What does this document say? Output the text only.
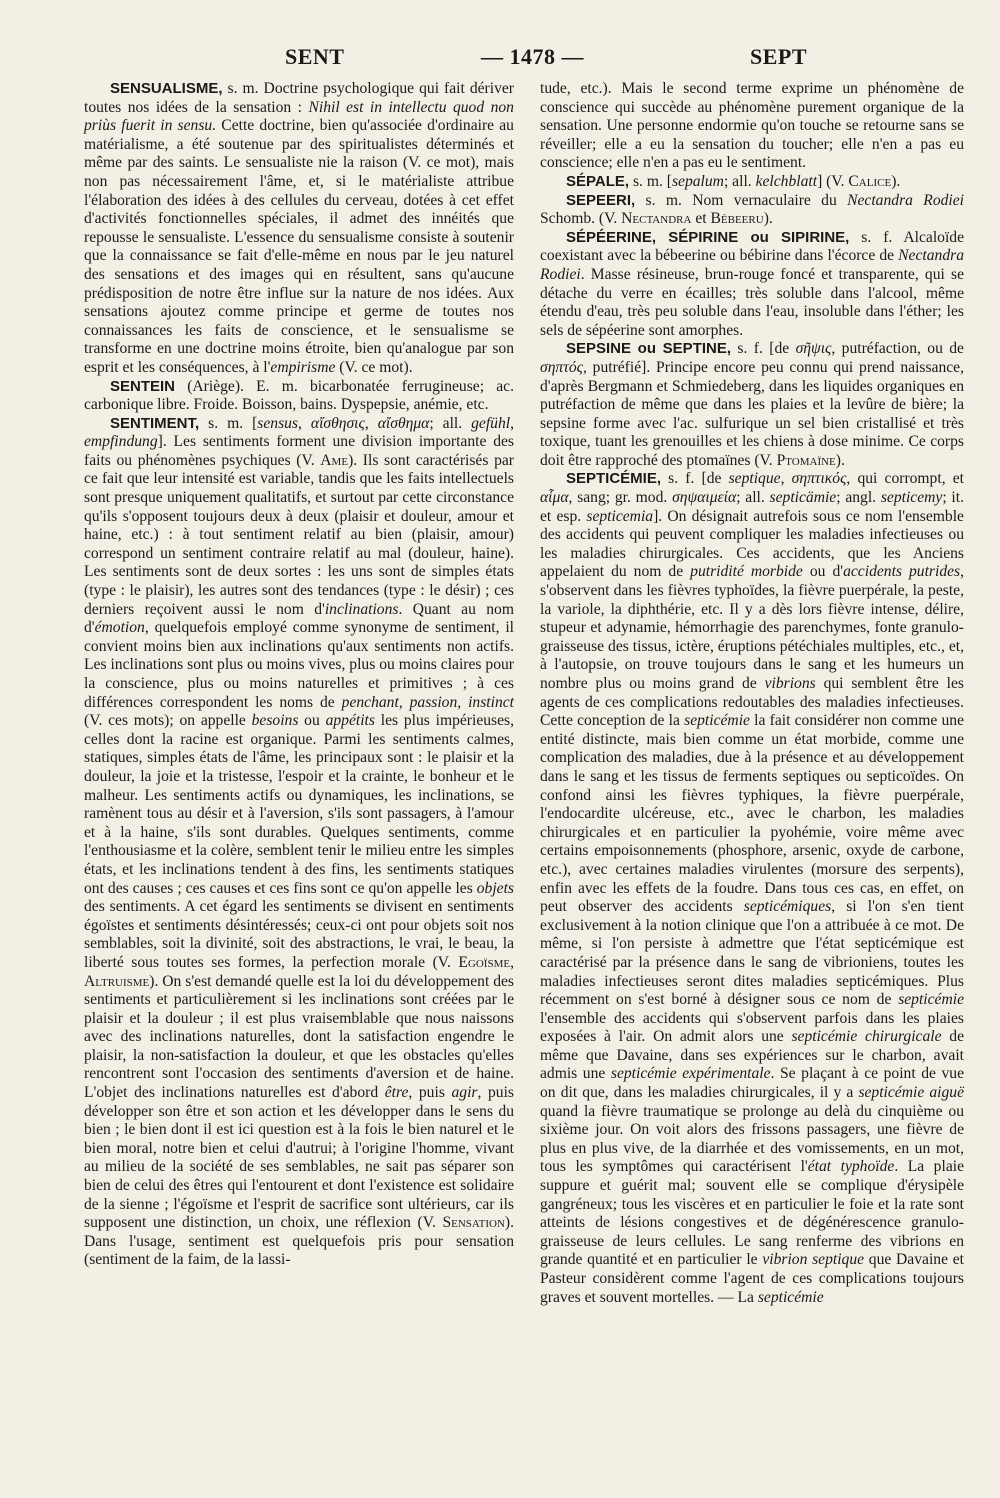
SENT	— 1478 —	SEPT

SENSUALISME, s. m. Doctrine psychologique qui fait dériver toutes nos idées de la sensation : Nihil est in intellectu quod non priùs fuerit in sensu. Cette doctrine, bien qu'associée d'ordinaire au matérialisme, a été soutenue par des spiritualistes déterminés et même par des saints. Le sensualiste nie la raison (V. ce mot), mais non pas nécessairement l'âme, et, si le matérialiste attribue l'élaboration des idées à des cellules du cerveau, dotées à cet effet d'activités fonctionnelles spéciales, il admet des innéités que repousse le sensualiste. L'essence du sensualisme consiste à soutenir que la connaissance se fait d'elle-même en nous par le jeu naturel des sensations et des images qui en résultent, sans qu'aucune prédisposition de notre être influe sur la nature de nos idées. Aux sensations ajoutez comme principe et germe de toutes nos connaissances les faits de conscience, et le sensualisme se transforme en une doctrine moins étroite, bien qu'analogue par son esprit et les conséquences, à l'empirisme (V. ce mot).

SENTEIN (Ariège). E. m. bicarbonatée ferrugineuse; ac. carbonique libre. Froide. Boisson, bains. Dyspepsie, anémie, etc.

SENTIMENT, s. m. [sensus, αἴσθησις, αἴσθημα; all. gefühl, empfindung]. Les sentiments forment une division importante des faits ou phénomènes psychiques (V. Ame). Ils sont caractérisés par ce fait que leur intensité est variable, tandis que les faits intellectuels sont presque uniquement qualitatifs, et surtout par cette circonstance qu'ils s'opposent toujours deux à deux (plaisir et douleur, amour et haine, etc.) : à tout sentiment relatif au bien (plaisir, amour) correspond un sentiment contraire relatif au mal (douleur, haine). Les sentiments sont de deux sortes : les uns sont de simples états (type : le plaisir), les autres sont des tendances (type : le désir) ; ces derniers reçoivent aussi le nom d'inclinations. Quant au nom d'émotion, quelquefois employé comme synonyme de sentiment, il convient moins bien aux inclinations qu'aux sentiments non actifs. Les inclinations sont plus ou moins vives, plus ou moins claires pour la conscience, plus ou moins naturelles et primitives ; à ces différences correspondent les noms de penchant, passion, instinct (V. ces mots); on appelle besoins ou appétits les plus impérieuses, celles dont la racine est organique. Parmi les sentiments calmes, statiques, simples états de l'âme, les principaux sont : le plaisir et la douleur, la joie et la tristesse, l'espoir et la crainte, le bonheur et le malheur. Les sentiments actifs ou dynamiques, les inclinations, se ramènent tous au désir et à l'aversion, s'ils sont passagers, à l'amour et à la haine, s'ils sont durables. Quelques sentiments, comme l'enthousiasme et la colère, semblent tenir le milieu entre les simples états, et les inclinations tendent à des fins, les sentiments statiques ont des causes ; ces causes et ces fins sont ce qu'on appelle les objets des sentiments. A cet égard les sentiments se divisent en sentiments égoïstes et sentiments désintéressés; ceux-ci ont pour objets soit nos semblables, soit la divinité, soit des abstractions, le vrai, le beau, la liberté sous toutes ses formes, la perfection morale (V. Egoïsme, Altruisme). On s'est demandé quelle est la loi du développement des sentiments et particulièrement si les inclinations sont créées par le plaisir et la douleur ; il est plus vraisemblable que nous naissons avec des inclinations naturelles, dont la satisfaction engendre le plaisir, la non-satisfaction la douleur, et que les obstacles qu'elles rencontrent sont l'occasion des sentiments d'aversion et de haine. L'objet des inclinations naturelles est d'abord être, puis agir, puis développer son être et son action et les développer dans le sens du bien ; le bien dont il est ici question est à la fois le bien naturel et le bien moral, notre bien et celui d'autrui; à l'origine l'homme, vivant au milieu de la société de ses semblables, ne sait pas séparer son bien de celui des êtres qui l'entourent et dont l'existence est solidaire de la sienne ; l'égoïsme et l'esprit de sacrifice sont ultérieurs, car ils supposent une distinction, un choix, une réflexion (V. Sensation). Dans l'usage, sentiment est quelquefois pris pour sensation (sentiment de la faim, de la lassi-

tude, etc.). Mais le second terme exprime un phénomène de conscience qui succède au phénomène purement organique de la sensation. Une personne endormie qu'on touche se retourne sans se réveiller; elle a eu la sensation du toucher; elle n'en a pas eu conscience; elle n'en a pas eu le sentiment.

SÉPALE, s. m. [sepalum; all. kelchblatt] (V. Calice).

SEPEERI, s. m. Nom vernaculaire du Nectandra Rodiei Schomb. (V. Nectandra et Bébeeru).

SÉPÉERINE, SÉPIRINE ou SIPIRINE, s. f. Alcaloïde coexistant avec la bébeerine ou bébirine dans l'écorce de Nectandra Rodiei. Masse résineuse, brun-rouge foncé et transparente, qui se détache du verre en écailles; très soluble dans l'alcool, même étendu d'eau, très peu soluble dans l'eau, insoluble dans l'éther; les sels de sépéerine sont amorphes.

SEPSINE ou SEPTINE, s. f. [de σῆψις, putréfaction, ou de σηπτός, putréfié]. Principe encore peu connu qui prend naissance, d'après Bergmann et Schmiedeberg, dans les liquides organiques en putréfaction de même que dans les plaies et la levûre de bière; la sepsine forme avec l'ac. sulfurique un sel bien cristallisé et très toxique, tuant les grenouilles et les chiens à dose minime. Ce corps doit être rapproché des ptomaïnes (V. Ptomaïne).

SEPTICÉMIE, s. f. [de septique, σηπτικός, qui corrompt, et αἷμα, sang; gr. mod. σηψαιμεία; all. septicämie; angl. septicemy; it. et esp. septicemia]. On désignait autrefois sous ce nom l'ensemble des accidents qui peuvent compliquer les maladies infectieuses ou les maladies chirurgicales. Ces accidents, que les Anciens appelaient du nom de putridité morbide ou d'accidents putrides, s'observent dans les fièvres typhoïdes, la fièvre puerpérale, la peste, la variole, la diphthérie, etc. Il y a dès lors fièvre intense, délire, stupeur et adynamie, hémorrhagie des parenchymes, fonte granulo-graisseuse des tissus, ictère, éruptions pétéchiales multiples, etc., et, à l'autopsie, on trouve toujours dans le sang et les humeurs un nombre plus ou moins grand de vibrions qui semblent être les agents de ces complications redoutables des maladies infectieuses. Cette conception de la septicémie la fait considérer non comme une entité distincte, mais bien comme un état morbide, comme une complication des maladies, due à la présence et au développement dans le sang et les tissus de ferments septiques ou septicoïdes. On confond ainsi les fièvres typhiques, la fièvre puerpérale, l'endocardite ulcéreuse, etc., avec le charbon, les maladies chirurgicales et en particulier la pyohémie, voire même avec certains empoisonnements (phosphore, arsenic, oxyde de carbone, etc.), avec certaines maladies virulentes (morsure des serpents), enfin avec les effets de la foudre. Dans tous ces cas, en effet, on peut observer des accidents septicémiques, si l'on s'en tient exclusivement à la notion clinique que l'on a attribuée à ce mot. De même, si l'on persiste à admettre que l'état septicémique est caractérisé par la présence dans le sang de vibrioniens, toutes les maladies infectieuses seront dites maladies septicémiques. Plus récemment on s'est borné à désigner sous ce nom de septicémie l'ensemble des accidents qui s'observent parfois dans les plaies exposées à l'air. On admit alors une septicémie chirurgicale de même que Davaine, dans ses expériences sur le charbon, avait admis une septicémie expérimentale. Se plaçant à ce point de vue on dit que, dans les maladies chirurgicales, il y a septicémie aiguë quand la fièvre traumatique se prolonge au delà du cinquième ou sixième jour. On voit alors des frissons passagers, une fièvre de plus en plus vive, de la diarrhée et des vomissements, en un mot, tous les symptômes qui caractérisent l'état typhoïde. La plaie suppure et guérit mal; souvent elle se complique d'érysipèle gangréneux; tous les viscères et en particulier le foie et la rate sont atteints de lésions congestives et de dégénérescence granulo-graisseuse de leurs cellules. Le sang renferme des vibrions en grande quantité et en particulier le vibrion septique que Davaine et Pasteur considèrent comme l'agent de ces complications toujours graves et souvent mortelles. — La septicémie
